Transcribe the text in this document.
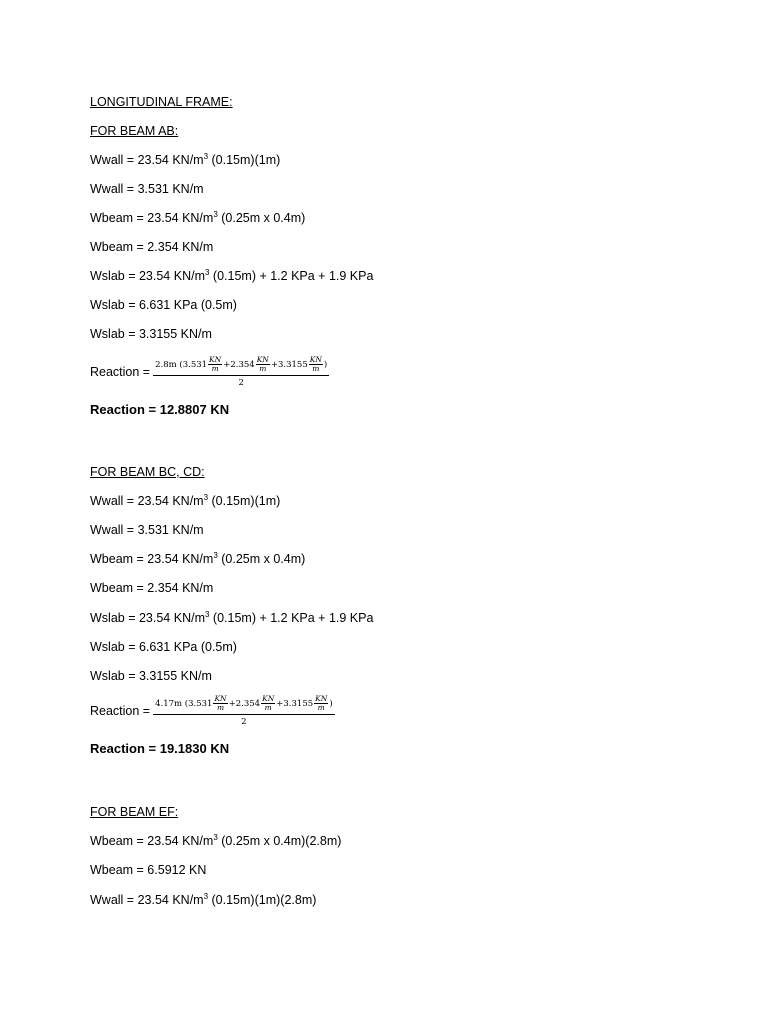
LONGITUDINAL FRAME:
FOR BEAM AB:
Wwall = 23.54 $KN/m^3$ (0.15m)(1m)
Wwall = 3.531 KN/m
Wbeam = 23.54 $KN/m^3$ (0.25m x 0.4m)
Wbeam = 2.354 KN/m
Wslab = 23.54 $KN/m^3$ (0.15m) + 1.2 KPa + 1.9 KPa
Wslab = 6.631 KPa (0.5m)
Wslab = 3.3155 KN/m
Reaction =
2.8m (3.531 KN
m +2.354 KN
m +3.3155 KN
m )
2
Reaction = 12.8807 KN
FOR BEAM BC, CD:
Wwall = 23.54 $KN/m^3$ (0.15m)(1m)
Wwall = 3.531 KN/m
Wbeam = 23.54 $KN/m^3$ (0.25m x 0.4m)
Wbeam = 2.354 KN/m
Wslab = 23.54 $KN/m^3$ (0.15m) + 1.2 KPa + 1.9 KPa
Wslab = 6.631 KPa (0.5m)
Wslab = 3.3155 KN/m
Reaction =
4.17m (3.531 KN
m +2.354 KN
m +3.3155 KN
m )
2
Reaction = 19.1830 KN
FOR BEAM EF:
Wbeam = 23.54 $KN/m^3$ (0.25m x 0.4m)(2.8m)
Wbeam = 6.5912 KN
Wwall = 23.54 $KN/m^3$ (0.15m)(1m)(2.8m)
